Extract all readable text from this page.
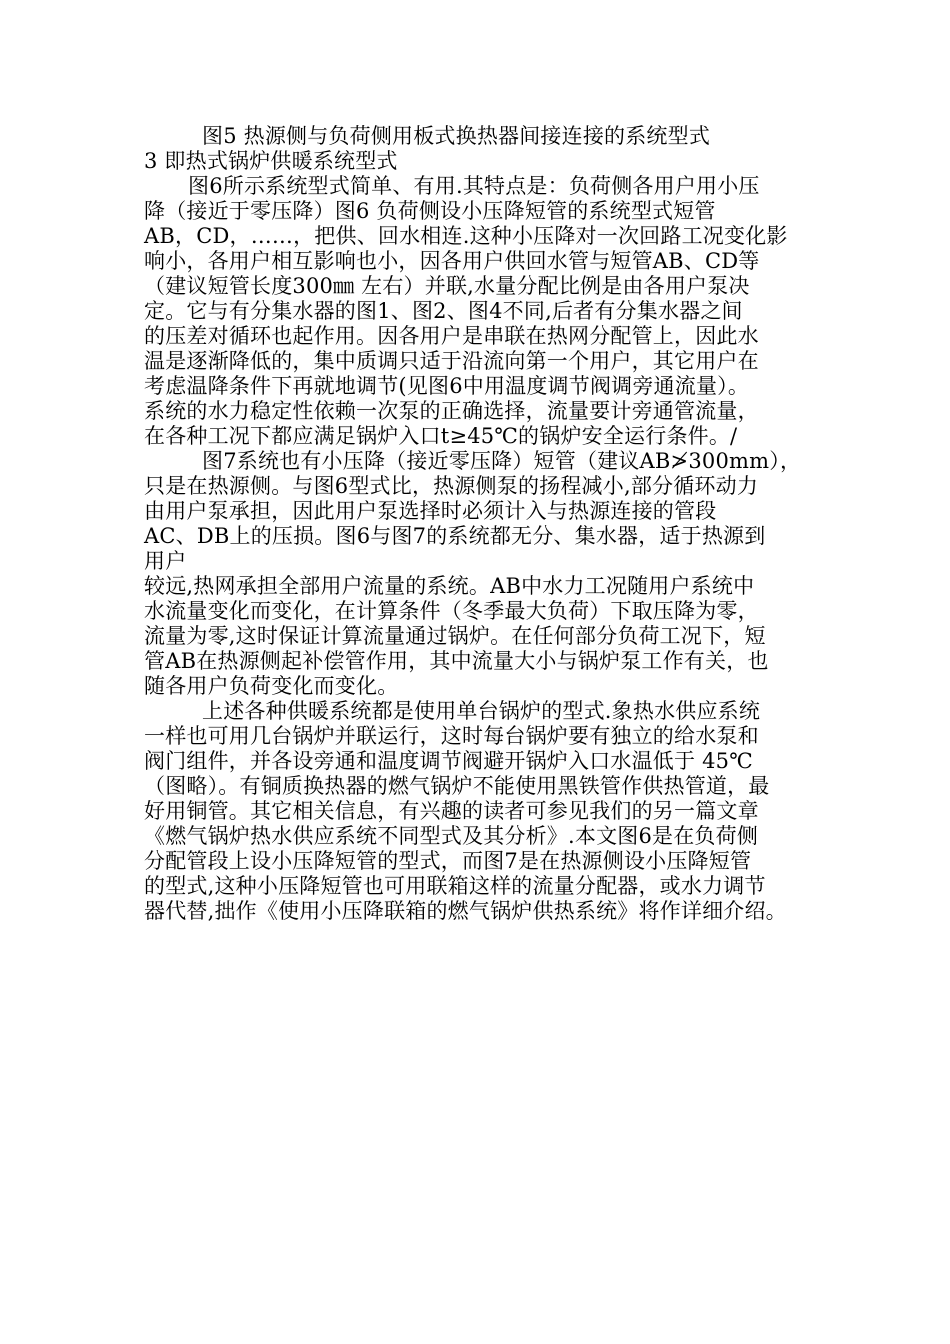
图5 热源侧与负荷侧用板式换热器间接连接的系统型式
3 即热式锅炉供暖系统型式
图6所示系统型式简单、有用.其特点是：负荷侧各用户用小压
降（接近于零压降）图6 负荷侧设小压降短管的系统型式短管
AB，CD，……，把供、回水相连.这种小压降对一次回路工况变化影
响小，各用户相互影响也小，因各用户供回水管与短管AB、CD等
（建议短管长度300㎜ 左右）并联,水量分配比例是由各用户泵决
定。它与有分集水器的图1、图2、图4不同,后者有分集水器之间
的压差对循环也起作用。因各用户是串联在热网分配管上，因此水
温是逐渐降低的，集中质调只适于沿流向第一个用户，其它用户在
考虑温降条件下再就地调节(见图6中用温度调节阀调旁通流量）。
系统的水力稳定性依赖一次泵的正确选择，流量要计旁通管流量，
在各种工况下都应满足锅炉入口t≥45℃的锅炉安全运行条件。/
图7系统也有小压降（接近零压降）短管（建议AB≯300mm），
只是在热源侧。与图6型式比，热源侧泵的扬程减小,部分循环动力
由用户泵承担，因此用户泵选择时必须计入与热源连接的管段
AC、DB上的压损。图6与图7的系统都无分、集水器，适于热源到
用户
较远,热网承担全部用户流量的系统。AB中水力工况随用户系统中
水流量变化而变化，在计算条件（冬季最大负荷）下取压降为零，
流量为零,这时保证计算流量通过锅炉。在任何部分负荷工况下，短
管AB在热源侧起补偿管作用，其中流量大小与锅炉泵工作有关，也
随各用户负荷变化而变化。
上述各种供暖系统都是使用单台锅炉的型式.象热水供应系统
一样也可用几台锅炉并联运行，这时每台锅炉要有独立的给水泵和
阀门组件，并各设旁通和温度调节阀避开锅炉入口水温低于 45℃
（图略）。有铜质换热器的燃气锅炉不能使用黑铁管作供热管道，最
好用铜管。其它相关信息，有兴趣的读者可参见我们的另一篇文章
《燃气锅炉热水供应系统不同型式及其分析》.本文图6是在负荷侧
分配管段上设小压降短管的型式，而图7是在热源侧设小压降短管
的型式,这种小压降短管也可用联箱这样的流量分配器，或水力调节
器代替,拙作《使用小压降联箱的燃气锅炉供热系统》将作详细介绍。
